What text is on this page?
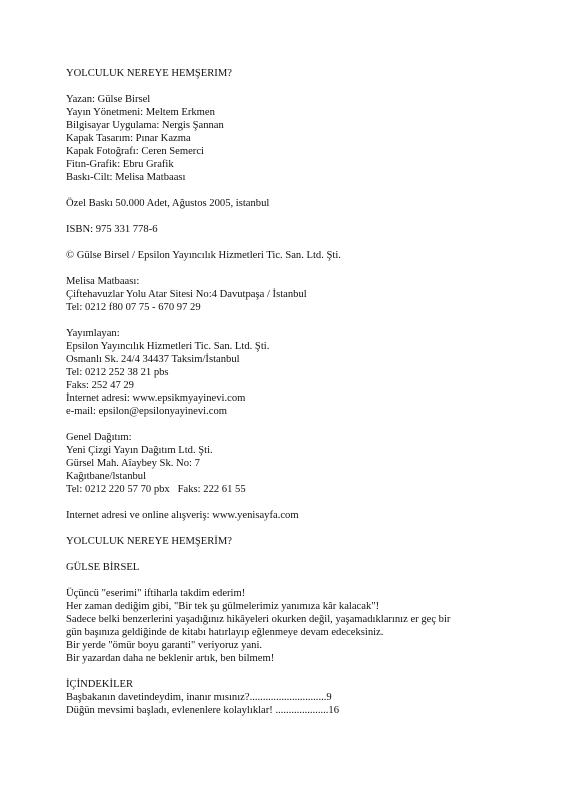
YOLCULUK NEREYE HEMŞERIM?
Yazan: Gülse Birsel
Yayın Yönetmeni: Meltem Erkmen
Bilgisayar Uygulama: Nergis Şannan
Kapak Tasarım: Pınar Kazma
Kapak Fotoğrafı: Ceren Semerci
Fitın-Grafik: Ebru Grafik
Baskı-Cilt: Melisa Matbaası
Özel Baskı 50.000 Adet, Ağustos 2005, istanbul
ISBN: 975 331 778-6
© Gülse Birsel / Epsilon Yayıncılık Hizmetleri Tic. San. Ltd. Şti.
Melisa Matbaası:
Çiftehavuzlar Yolu Atar Sitesi No:4 Davutpaşa / İstanbul
Tel: 0212 f80 07 75 - 670 97 29
Yayımlayan:
Epsilon Yayıncılık Hizmetleri Tic. San. Ltd. Şti.
Osmanlı Sk. 24/4 34437 Taksim/İstanbul
Tel: 0212 252 38 21 pbs
Faks: 252 47 29
İnternet adresi: www.epsikmyayinevi.com
e-mail: epsilon@epsilonyayinevi.com
Genel Dağıtım:
Yeni Çizgi Yayın Dağıtım Ltd. Şti.
Gürsel Mah. Aîaybey Sk. No: 7
Kağıtbane/lstanbul
Tel: 0212 220 57 70 pbx   Faks: 222 61 55
Internet adresi ve online alışveriş: www.yenisayfa.com
YOLCULUK NEREYE HEMŞERİM?
GÜLSE BİRSEL
Üçüncü "eserimi" iftiharla takdim ederim!
Her zaman dediğim gibi, "Bir tek şu gülmelerimiz yanımıza kâr kalacak"!
Sadece belki benzerlerini yaşadığınız hikâyeleri okurken değil, yaşamadıklarınız er geç bir
gün başınıza geldiğinde de kitabı hatırlayıp eğlenmeye devam edeceksiniz.
Bir yerde "ömür boyu garanti" veriyoruz yani.
Bir yazardan daha ne beklenir artık, ben bilmem!
İÇİNDEKİLER
Başbakanın davetindeydim, inanır mısınız?.............................9
Düğün mevsimi başladı, evlenenlere kolaylıklar! ....................16
